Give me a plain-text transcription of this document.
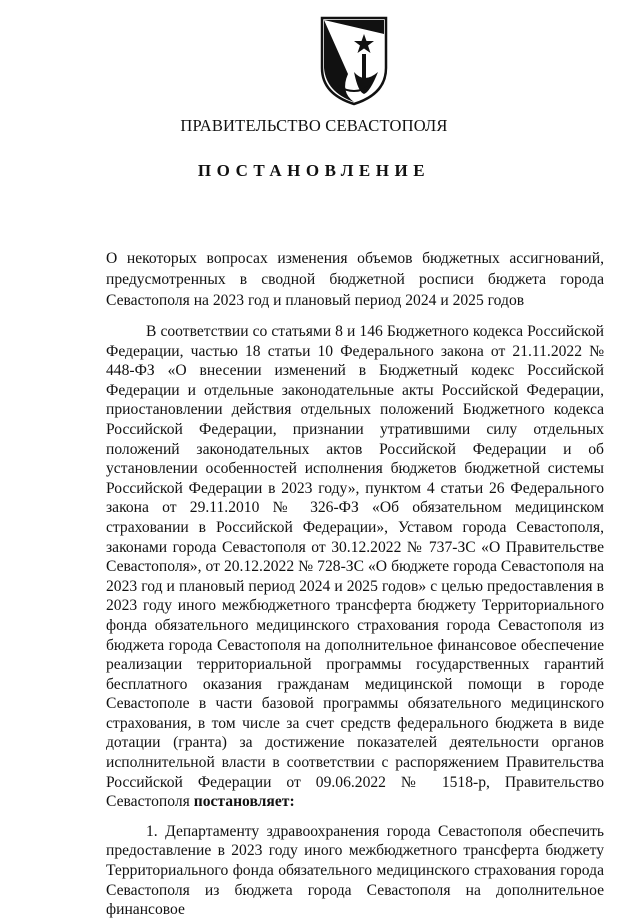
ПРАВИТЕЛЬСТВО СЕВАСТОПОЛЯ
ПОСТАНОВЛЕНИЕ
О некоторых вопросах изменения объемов бюджетных ассигнований, предусмотренных в сводной бюджетной росписи бюджета города Севастополя на 2023 год и плановый период 2024 и 2025 годов

В соответствии со статьями 8 и 146 Бюджетного кодекса Российской Федерации, частью 18 статьи 10 Федерального закона от 21.11.2022 № 448-ФЗ «О внесении изменений в Бюджетный кодекс Российской Федерации и отдельные законодательные акты Российской Федерации, приостановлении действия отдельных положений Бюджетного кодекса Российской Федерации, признании утратившими силу отдельных положений законодательных актов Российской Федерации и об установлении особенностей исполнения бюджетов бюджетной системы Российской Федерации в 2023 году», пунктом 4 статьи 26 Федерального закона от 29.11.2010 № 326-ФЗ «Об обязательном медицинском страховании в Российской Федерации», Уставом города Севастополя, законами города Севастополя от 30.12.2022 № 737-ЗС «О Правительстве Севастополя», от 20.12.2022 № 728-ЗС «О бюджете города Севастополя на 2023 год и плановый период 2024 и 2025 годов» с целью предоставления в 2023 году иного межбюджетного трансферта бюджету Территориального фонда обязательного медицинского страхования города Севастополя из бюджета города Севастополя на дополнительное финансовое обеспечение реализации территориальной программы государственных гарантий бесплатного оказания гражданам медицинской помощи в городе Севастополе в части базовой программы обязательного медицинского страхования, в том числе за счет средств федерального бюджета в виде дотации (гранта) за достижение показателей деятельности органов исполнительной власти в соответствии с распоряжением Правительства Российской Федерации от 09.06.2022 № 1518-р, Правительство Севастополя постановляет:

1. Департаменту здравоохранения города Севастополя обеспечить предоставление в 2023 году иного межбюджетного трансферта бюджету Территориального фонда обязательного медицинского страхования города Севастополя из бюджета города Севастополя на дополнительное финансовое
